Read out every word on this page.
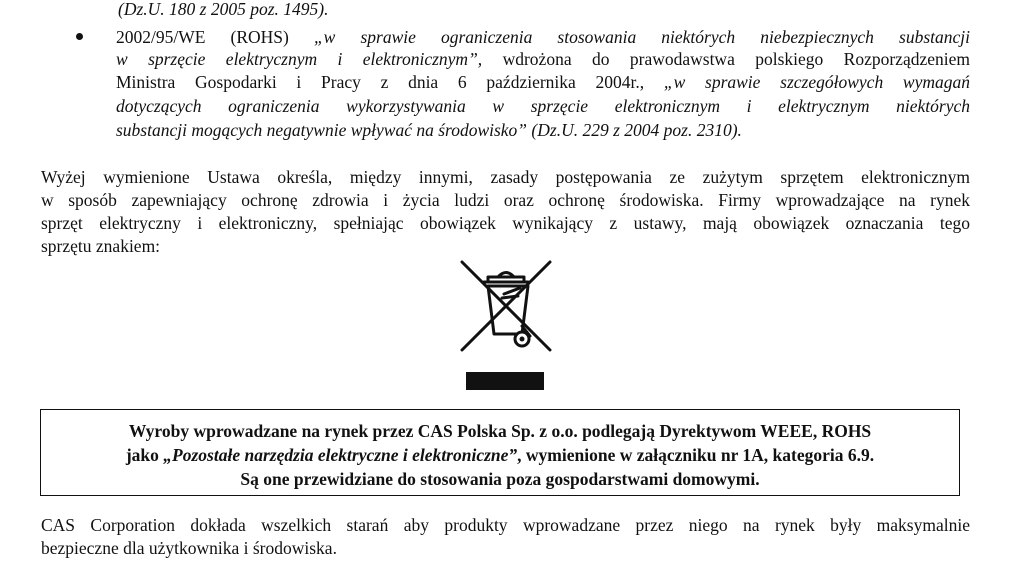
(Dz.U. 180 z 2005 poz. 1495).
2002/95/WE (ROHS) „w sprawie ograniczenia stosowania niektórych niebezpiecznych substancji
w sprzęcie elektrycznym i elektronicznym”, wdrożona do prawodawstwa polskiego Rozporządzeniem
Ministra Gospodarki i Pracy z dnia 6 października 2004r., „w sprawie szczegółowych wymagań
dotyczących ograniczenia wykorzystywania w sprzęcie elektronicznym i elektrycznym niektórych
substancji mogących negatywnie wpływać na środowisko” (Dz.U. 229 z 2004 poz. 2310).
Wyżej wymienione Ustawa określa, między innymi, zasady postępowania ze zużytym sprzętem elektronicznym
w sposób zapewniający ochronę zdrowia i życia ludzi oraz ochronę środowiska. Firmy wprowadzające na rynek
sprzęt elektryczny i elektroniczny, spełniając obowiązek wynikający z ustawy, mają obowiązek oznaczania tego
sprzętu znakiem:
Wyroby wprowadzane na rynek przez CAS Polska Sp. z o.o. podlegają Dyrektywom WEEE, ROHS
jako „Pozostałe narzędzia elektryczne i elektroniczne”, wymienione w załączniku nr 1A, kategoria 6.9.
Są one przewidziane do stosowania poza gospodarstwami domowymi.
CAS Corporation dokłada wszelkich starań aby produkty wprowadzane przez niego na rynek były maksymalnie
bezpieczne dla użytkownika i środowiska.
